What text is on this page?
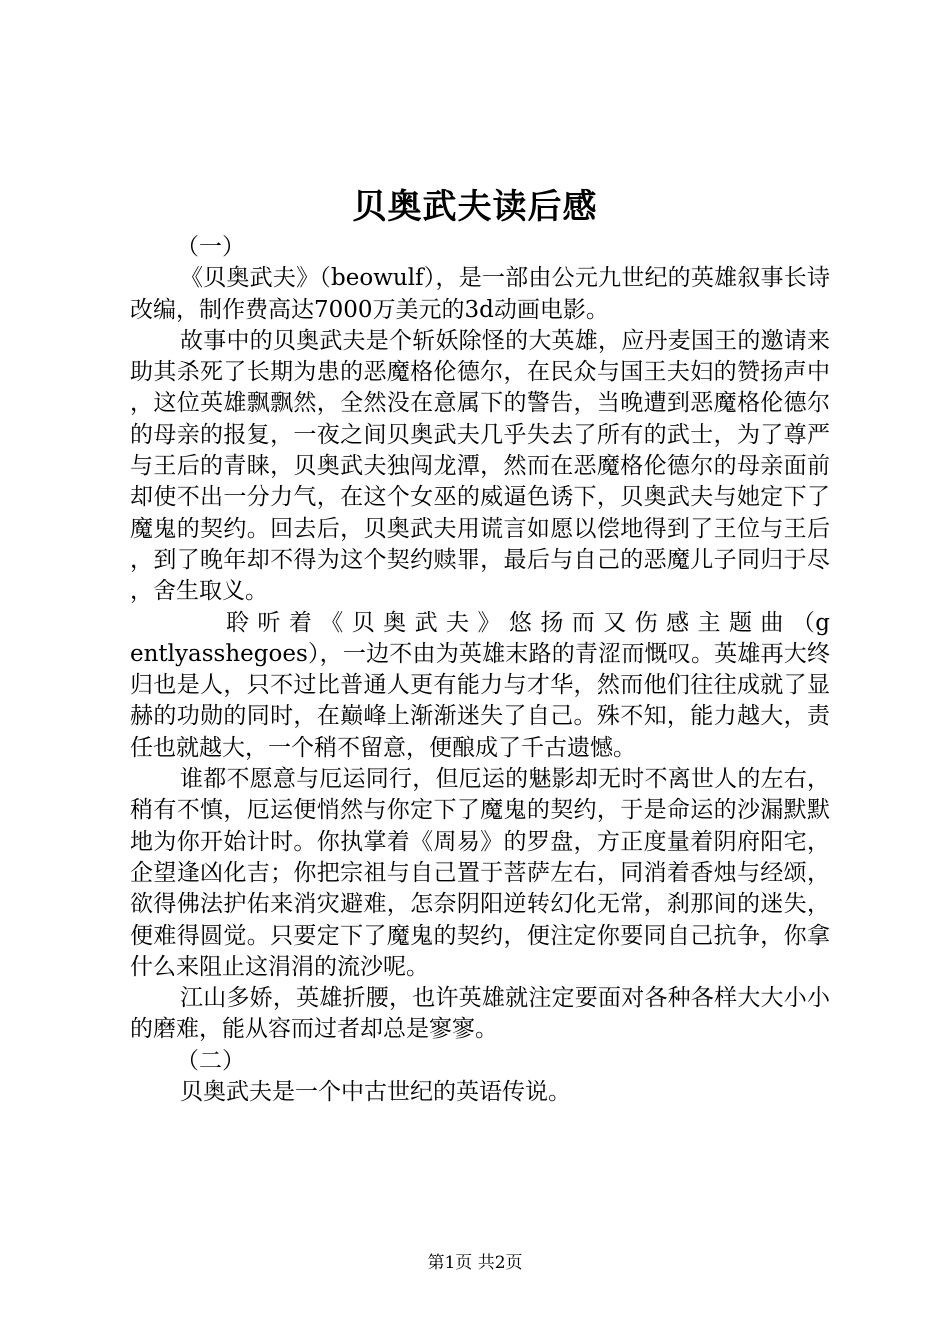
贝奥武夫读后感

（一）

《贝奥武夫》（beowulf），是一部由公元九世纪的英雄叙事长诗改编，制作费高达7000万美元的3d动画电影。

故事中的贝奥武夫是个斩妖除怪的大英雄，应丹麦国王的邀请来助其杀死了长期为患的恶魔格伦德尔，在民众与国王夫妇的赞扬声中，这位英雄飘飘然，全然没在意属下的警告，当晚遭到恶魔格伦德尔的母亲的报复，一夜之间贝奥武夫几乎失去了所有的武士，为了尊严与王后的青睐，贝奥武夫独闯龙潭，然而在恶魔格伦德尔的母亲面前却使不出一分力气，在这个女巫的威逼色诱下，贝奥武夫与她定下了魔鬼的契约。回去后，贝奥武夫用谎言如愿以偿地得到了王位与王后，到了晚年却不得为这个契约赎罪，最后与自己的恶魔儿子同归于尽，舍生取义。

聆听着《贝奥武夫》悠扬而又伤感主题曲（gentlyasshegoes），一边不由为英雄末路的青涩而慨叹。英雄再大终归也是人，只不过比普通人更有能力与才华，然而他们往往成就了显赫的功勋的同时，在巅峰上渐渐迷失了自己。殊不知，能力越大，责任也就越大，一个稍不留意，便酿成了千古遗憾。

谁都不愿意与厄运同行，但厄运的魅影却无时不离世人的左右，稍有不慎，厄运便悄然与你定下了魔鬼的契约，于是命运的沙漏默默地为你开始计时。你执掌着《周易》的罗盘，方正度量着阴府阳宅，企望逢凶化吉；你把宗祖与自己置于菩萨左右，同消着香烛与经颂，欲得佛法护佑来消灾避难，怎奈阴阳逆转幻化无常，刹那间的迷失，便难得圆觉。只要定下了魔鬼的契约，便注定你要同自己抗争，你拿什么来阻止这涓涓的流沙呢。

江山多娇，英雄折腰，也许英雄就注定要面对各种各样大大小小的磨难，能从容而过者却总是寥寥。

（二）

贝奥武夫是一个中古世纪的英语传说。

第1页 共2页
